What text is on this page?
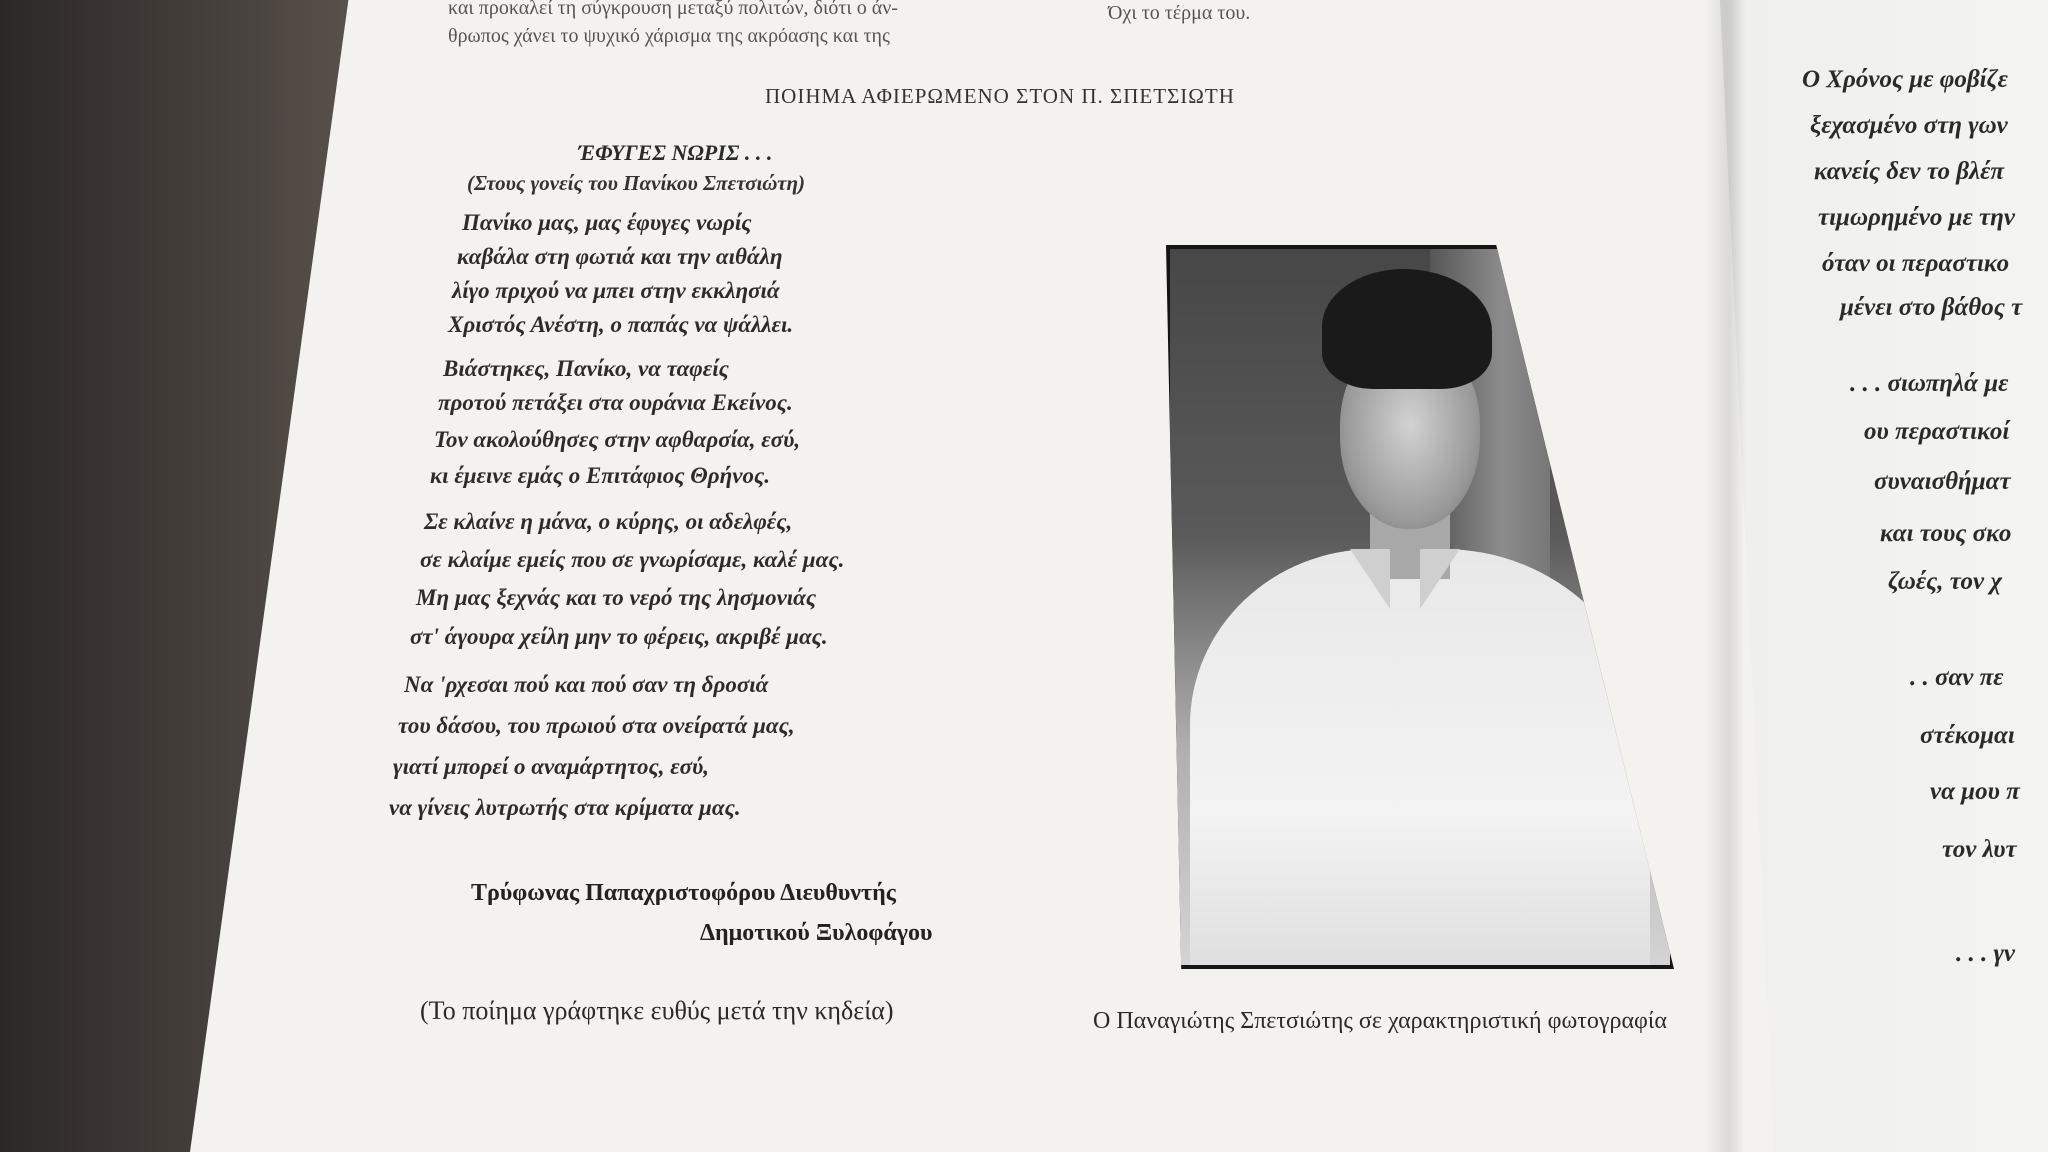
και προκαλεί τη σύγκρουση μεταξύ πολιτών, διότι ο άν-
θρωπος χάνει το ψυχικό χάρισμα της ακρόασης και της
Όχι το τέρμα του.
ΠΟΙΗΜΑ ΑΦΙΕΡΩΜΕΝΟ ΣΤΟΝ Π. ΣΠΕΤΣΙΩΤΗ
ΈΦΥΓΕΣ ΝΩΡΙΣ . . .
(Στους γονείς του Πανίκου Σπετσιώτη)
Πανίκο μας, μας έφυγες νωρίς
καβάλα στη φωτιά και την αιθάλη
λίγο πριχού να μπει στην εκκλησιά
Χριστός Ανέστη, ο παπάς να ψάλλει.
Βιάστηκες, Πανίκο, να ταφείς
προτού πετάξει στα ουράνια Εκείνος.
Τον ακολούθησες στην αφθαρσία, εσύ,
κι έμεινε εμάς ο Επιτάφιος Θρήνος.
Σε κλαίνε η μάνα, ο κύρης, οι αδελφές,
σε κλαίμε εμείς που σε γνωρίσαμε, καλέ μας.
Μη μας ξεχνάς και το νερό της λησμονιάς
στ' άγουρα χείλη μην το φέρεις, ακριβέ μας.
Να 'ρχεσαι πού και πού σαν τη δροσιά
του δάσου, του πρωιού στα ονείρατά μας,
γιατί μπορεί ο αναμάρτητος, εσύ,
να γίνεις λυτρωτής στα κρίματα μας.
Τρύφωνας Παπαχριστοφόρου Διευθυντής
Δημοτικού Ξυλοφάγου
(Το ποίημα γράφτηκε ευθύς μετά την κηδεία)	Ο Παναγιώτης Σπετσιώτης σε χαρακτηριστική φωτογραφία
Ο Χρόνος με φοβίζε
ξεχασμένο στη γων
κανείς δεν το βλέπ
τιμωρημένο με την
όταν οι περαστικο
μένει στο βάθος τ
. . . σιωπηλά με
ου περαστικοί
συναισθήματ
και τους σκο
ζωές, τον χ
. . σαν πε
στέκομαι
να μου π
τον λυτ
. . . γν
